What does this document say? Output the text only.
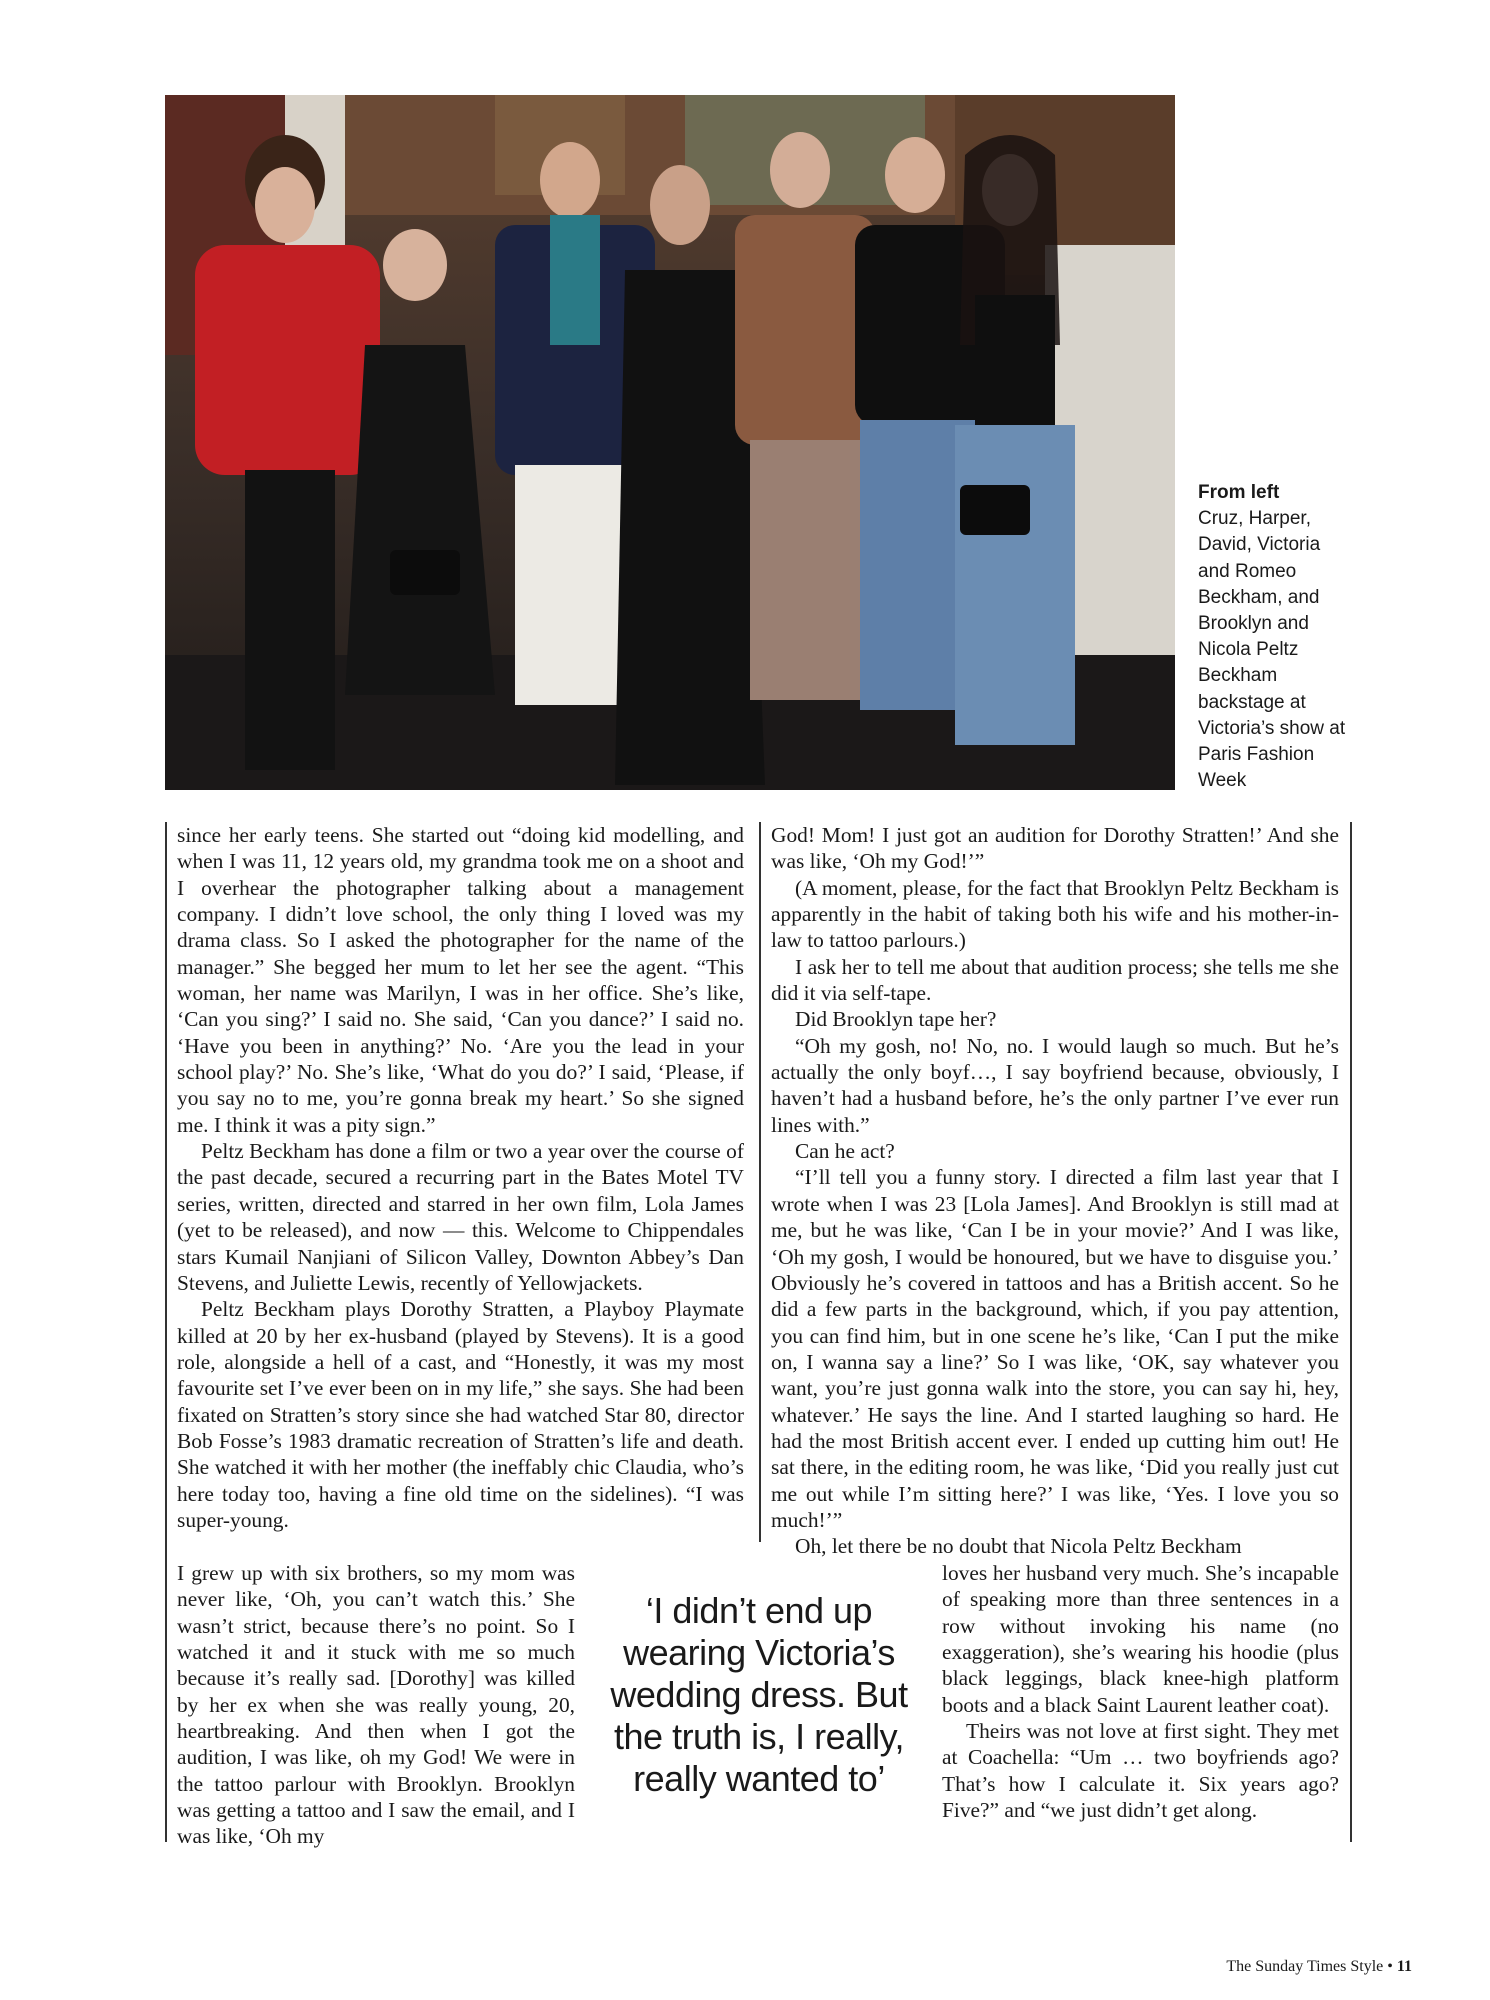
From left
Cruz, Harper, David, Victoria and Romeo Beckham, and Brooklyn and Nicola Peltz Beckham backstage at Victoria’s show at Paris Fashion Week

since her early teens. She started out “doing kid modelling, and when I was 11, 12 years old, my grandma took me on a shoot and I overhear the photographer talking about a management company. I didn’t love school, the only thing I loved was my drama class. So I asked the photographer for the name of the manager.” She begged her mum to let her see the agent. “This woman, her name was Marilyn, I was in her office. She’s like, ‘Can you sing?’ I said no. She said, ‘Can you dance?’ I said no. ‘Have you been in anything?’ No. ‘Are you the lead in your school play?’ No. She’s like, ‘What do you do?’ I said, ‘Please, if you say no to me, you’re gonna break my heart.’ So she signed me. I think it was a pity sign.”

Peltz Beckham has done a film or two a year over the course of the past decade, secured a recurring part in the Bates Motel TV series, written, directed and starred in her own film, Lola James (yet to be released), and now — this. Welcome to Chippendales stars Kumail Nanjiani of Silicon Valley, Downton Abbey’s Dan Stevens, and Juliette Lewis, recently of Yellowjackets.

Peltz Beckham plays Dorothy Stratten, a Playboy Playmate killed at 20 by her ex-husband (played by Stevens). It is a good role, alongside a hell of a cast, and “Honestly, it was my most favourite set I’ve ever been on in my life,” she says. She had been fixated on Stratten’s story since she had watched Star 80, director Bob Fosse’s 1983 dramatic recreation of Stratten’s life and death. She watched it with her mother (the ineffably chic Claudia, who’s here today too, having a fine old time on the sidelines). “I was super-young.

I grew up with six brothers, so my mom was never like, ‘Oh, you can’t watch this.’ She wasn’t strict, because there’s no point. So I watched it and it stuck with me so much because it’s really sad. [Dorothy] was killed by her ex when she was really young, 20, heartbreaking. And then when I got the audition, I was like, oh my God! We were in the tattoo parlour with Brooklyn. Brooklyn was getting a tattoo and I saw the email, and I was like, ‘Oh my

God! Mom! I just got an audition for Dorothy Stratten!’ And she was like, ‘Oh my God!’”

(A moment, please, for the fact that Brooklyn Peltz Beckham is apparently in the habit of taking both his wife and his mother-in-law to tattoo parlours.)

I ask her to tell me about that audition process; she tells me she did it via self-tape.

Did Brooklyn tape her?

“Oh my gosh, no! No, no. I would laugh so much. But he’s actually the only boyf…, I say boyfriend because, obviously, I haven’t had a husband before, he’s the only partner I’ve ever run lines with.”

Can he act?

“I’ll tell you a funny story. I directed a film last year that I wrote when I was 23 [Lola James]. And Brooklyn is still mad at me, but he was like, ‘Can I be in your movie?’ And I was like, ‘Oh my gosh, I would be honoured, but we have to disguise you.’ Obviously he’s covered in tattoos and has a British accent. So he did a few parts in the background, which, if you pay attention, you can find him, but in one scene he’s like, ‘Can I put the mike on, I wanna say a line?’ So I was like, ‘OK, say whatever you want, you’re just gonna walk into the store, you can say hi, hey, whatever.’ He says the line. And I started laughing so hard. He had the most British accent ever. I ended up cutting him out! He sat there, in the editing room, he was like, ‘Did you really just cut me out while I’m sitting here?’ I was like, ‘Yes. I love you so much!’”

Oh, let there be no doubt that Nicola Peltz Beckham

loves her husband very much. She’s incapable of speaking more than three sentences in a row without invoking his name (no exaggeration), she’s wearing his hoodie (plus black leggings, black knee-high platform boots and a black Saint Laurent leather coat).

Theirs was not love at first sight. They met at Coachella: “Um … two boyfriends ago? That’s how I calculate it. Six years ago? Five?” and “we just didn’t get along.

‘I didn’t end up wearing Victoria’s wedding dress. But the truth is, I really, really wanted to’
The Sunday Times Style • 11
